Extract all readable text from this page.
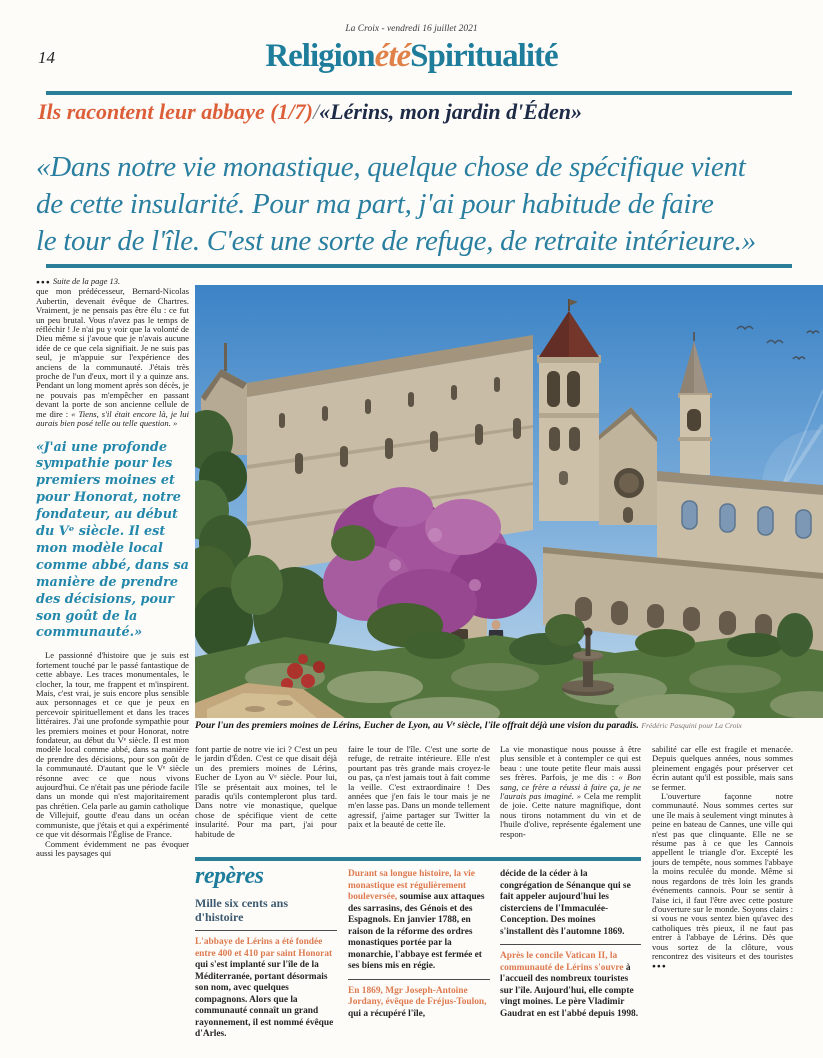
La Croix - vendredi 16 juillet 2021
14	ReligionétéSpiritualité
Ils racontent leur abbaye (1/7)/«Lérins, mon jardin d'Éden»
«Dans notre vie monastique, quelque chose de spécifique vient
de cette insularité. Pour ma part, j'ai pour habitude de faire
le tour de l'île. C'est une sorte de refuge, de retraite intérieure.»
●●● Suite de la page 13.

que mon prédécesseur, Bernard-Nicolas Aubertin, devenait évêque de Chartres. Vraiment, je ne pensais pas être élu : ce fut un peu brutal. Vous n'avez pas le temps de réfléchir ! Je n'ai pu y voir que la volonté de Dieu même si j'avoue que je n'avais aucune idée de ce que cela signifiait. Je ne suis pas seul, je m'appuie sur l'expérience des anciens de la communauté. J'étais très proche de l'un d'eux, mort il y a quinze ans. Pendant un long moment après son décès, je ne pouvais pas m'empêcher en passant devant la porte de son ancienne cellule de me dire : « Tiens, s'il était encore là, je lui aurais bien posé telle ou telle question. »

«J'ai une profonde sympathie pour les premiers moines et pour Honorat, notre fondateur, au début du Vᵉ siècle. Il est mon modèle local comme abbé, dans sa manière de prendre des décisions, pour son goût de la communauté.»

Le passionné d'histoire que je suis est fortement touché par le passé fantastique de cette abbaye. Les traces monumentales, le clocher, la tour, me frappent et m'inspirent. Mais, c'est vrai, je suis encore plus sensible aux personnages et ce que je peux en percevoir spirituellement et dans les traces littéraires. J'ai une profonde sympathie pour les premiers moines et pour Honorat, notre fondateur, au début du Vᵉ siècle. Il est mon modèle local comme abbé, dans sa manière de prendre des décisions, pour son goût de la communauté. D'autant que le Vᵉ siècle résonne avec ce que nous vivons aujourd'hui. Ce n'était pas une période facile dans un monde qui n'est majoritairement pas chrétien. Cela parle au gamin catholique de Villejuif, goutte d'eau dans un océan communiste, que j'étais et qui a expérimenté ce que vit désormais l'Église de France.

Comment évidemment ne pas évoquer aussi les paysages qui

Pour l'un des premiers moines de Lérins, Eucher de Lyon, au Vᵉ siècle, l'île offrait déjà une vision du paradis. Frédéric Pasquini pour La Croix

font partie de notre vie ici ? C'est un peu le jardin d'Éden. C'est ce que disait déjà un des premiers moines de Lérins, Eucher de Lyon au Vᵉ siècle. Pour lui, l'île se présentait aux moines, tel le paradis qu'ils contempleront plus tard. Dans notre vie monastique, quelque chose de spécifique vient de cette insularité. Pour ma part, j'ai pour habitude de

faire le tour de l'île. C'est une sorte de refuge, de retraite intérieure. Elle n'est pourtant pas très grande mais croyez-le ou pas, ça n'est jamais tout à fait comme la veille. C'est extraordinaire ! Des années que j'en fais le tour mais je ne m'en lasse pas. Dans un monde tellement agressif, j'aime partager sur Twitter la paix et la beauté de cette île.

La vie monastique nous pousse à être plus sensible et à contempler ce qui est beau : une toute petite fleur mais aussi ses frères. Parfois, je me dis : « Bon sang, ce frère a réussi à faire ça, je ne l'aurais pas imaginé. » Cela me remplit de joie. Cette nature magnifique, dont nous tirons notamment du vin et de l'huile d'olive, représente également une respon-

sabilité car elle est fragile et menacée. Depuis quelques années, nous sommes pleinement engagés pour préserver cet écrin autant qu'il est possible, mais sans se fermer.

L'ouverture façonne notre communauté. Nous sommes certes sur une île mais à seulement vingt minutes à peine en bateau de Cannes, une ville qui n'est pas que clinquante. Elle ne se résume pas à ce que les Cannois appellent le triangle d'or. Excepté les jours de tempête, nous sommes l'abbaye la moins reculée du monde. Même si nous regardons de très loin les grands événements cannois. Pour se sentir à l'aise ici, il faut l'être avec cette posture d'ouverture sur le monde. Soyons clairs : si vous ne vous sentez bien qu'avec des catholiques très pieux, il ne faut pas entrer à l'abbaye de Lérins. Dès que vous sortez de la clôture, vous rencontrez des visiteurs et des touristes ●●●

repères
Mille six cents ans d'histoire

L'abbaye de Lérins a été fondée entre 400 et 410 par saint Honorat qui s'est implanté sur l'île de la Méditerranée, portant désormais son nom, avec quelques compagnons. Alors que la communauté connaît un grand rayonnement, il est nommé évêque d'Arles.

Durant sa longue histoire, la vie monastique est régulièrement bouleversée, soumise aux attaques des sarrasins, des Génois et des Espagnols. En janvier 1788, en raison de la réforme des ordres monastiques portée par la monarchie, l'abbaye est fermée et ses biens mis en régie.

En 1869, Mgr Joseph-Antoine Jordany, évêque de Fréjus-Toulon, qui a récupéré l'île,

décide de la céder à la congrégation de Sénanque qui se fait appeler aujourd'hui les cisterciens de l'Immaculée-Conception. Des moines s'installent dès l'automne 1869.

Après le concile Vatican II, la communauté de Lérins s'ouvre à l'accueil des nombreux touristes sur l'île. Aujourd'hui, elle compte vingt moines. Le père Vladimir Gaudrat en est l'abbé depuis 1998.
